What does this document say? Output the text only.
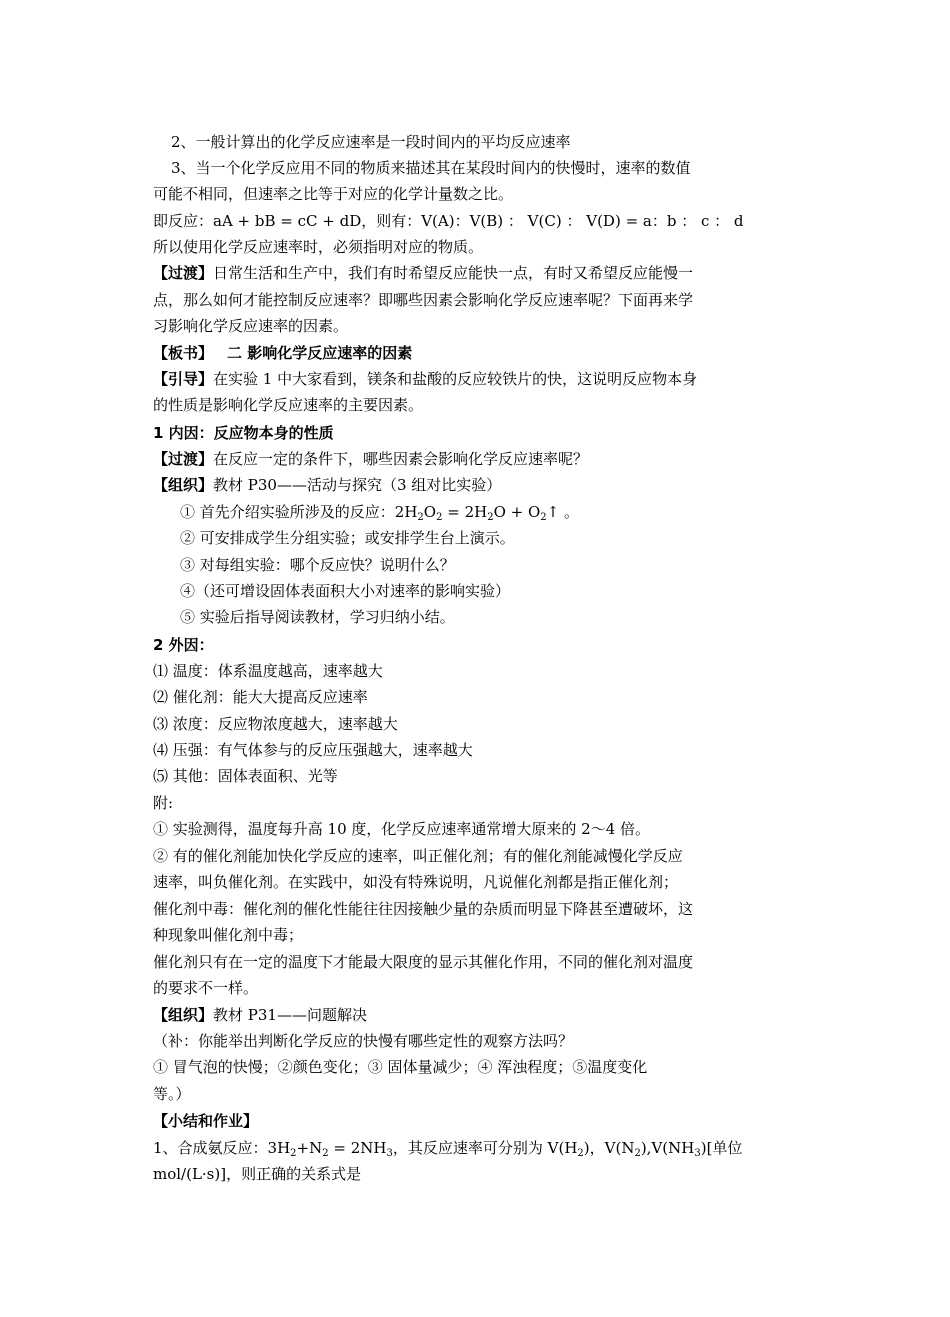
2、一般计算出的化学反应速率是一段时间内的平均反应速率
3、当一个化学反应用不同的物质来描述其在某段时间内的快慢时，速率的数值
可能不相同，但速率之比等于对应的化学计量数之比。
即反应：aA + bB = cC + dD，则有：V(A)：V(B) ： V(C) ： V(D) = a：b ： c ： d
所以使用化学反应速率时，必须指明对应的物质。
【过渡】日常生活和生产中，我们有时希望反应能快一点，有时又希望反应能慢一
点，那么如何才能控制反应速率？即哪些因素会影响化学反应速率呢？下面再来学
习影响化学反应速率的因素。
【板书】 二 影响化学反应速率的因素
【引导】在实验 1 中大家看到，镁条和盐酸的反应较铁片的快，这说明反应物本身
的性质是影响化学反应速率的主要因素。
1 内因：反应物本身的性质
【过渡】在反应一定的条件下，哪些因素会影响化学反应速率呢？
【组织】教材 P30——活动与探究（3 组对比实验）
① 首先介绍实验所涉及的反应：$2H_2O_2 = 2H_2O$ + $O_2↑$ 。
② 可安排成学生分组实验；或安排学生台上演示。
③ 对每组实验：哪个反应快？说明什么？
④（还可增设固体表面积大小对速率的影响实验）
⑤ 实验后指导阅读教材，学习归纳小结。
2 外因：
⑴ 温度：体系温度越高，速率越大
⑵ 催化剂：能大大提高反应速率
⑶ 浓度：反应物浓度越大，速率越大
⑷ 压强：有气体参与的反应压强越大，速率越大
⑸ 其他：固体表面积、光等
附:
① 实验测得，温度每升高 10 度，化学反应速率通常增大原来的 2～4 倍。
② 有的催化剂能加快化学反应的速率，叫正催化剂；有的催化剂能减慢化学反应
速率，叫负催化剂。在实践中，如没有特殊说明，凡说催化剂都是指正催化剂；
催化剂中毒：催化剂的催化性能往往因接触少量的杂质而明显下降甚至遭破坏，这
种现象叫催化剂中毒；
催化剂只有在一定的温度下才能最大限度的显示其催化作用，不同的催化剂对温度
的要求不一样。
【组织】教材 P31——问题解决
（补：你能举出判断化学反应的快慢有哪些定性的观察方法吗？
① 冒气泡的快慢；②颜色变化；③ 固体量减少；④ 浑浊程度；⑤温度变化
等。）
【小结和作业】
1、合成氨反应：$3H_2+N_2 = 2NH_3$，其反应速率可分别为 $V(H_2)$，$V(N_2),V(NH_3)$[单位
mol/(L·s)]，则正确的关系式是
